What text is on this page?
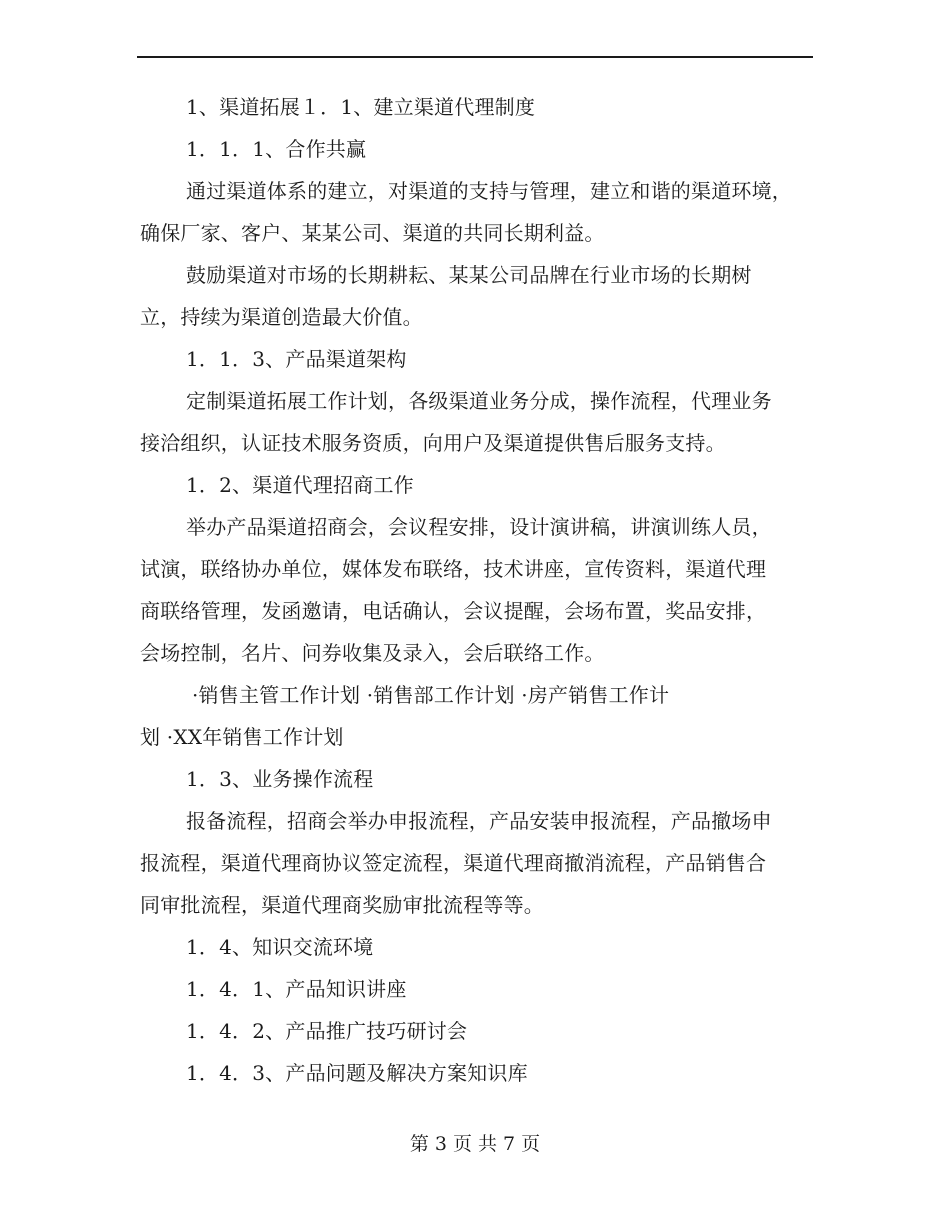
1、渠道拓展１．1、建立渠道代理制度
1．1．1、合作共赢
通过渠道体系的建立，对渠道的支持与管理，建立和谐的渠道环境，
确保厂家、客户、某某公司、渠道的共同长期利益。
鼓励渠道对市场的长期耕耘、某某公司品牌在行业市场的长期树
立，持续为渠道创造最大价值。
1．1．3、产品渠道架构
定制渠道拓展工作计划，各级渠道业务分成，操作流程，代理业务
接洽组织，认证技术服务资质，向用户及渠道提供售后服务支持。
1．2、渠道代理招商工作
举办产品渠道招商会，会议程安排，设计演讲稿，讲演训练人员，
试演，联络协办单位，媒体发布联络，技术讲座，宣传资料，渠道代理
商联络管理，发函邀请，电话确认，会议提醒，会场布置，奖品安排，
会场控制，名片、问券收集及录入，会后联络工作。
·销售主管工作计划 ·销售部工作计划 ·房产销售工作计
划 ·XX年销售工作计划
1．3、业务操作流程
报备流程，招商会举办申报流程，产品安装申报流程，产品撤场申
报流程，渠道代理商协议签定流程，渠道代理商撤消流程，产品销售合
同审批流程，渠道代理商奖励审批流程等等。
1．4、知识交流环境
1．4．1、产品知识讲座
1．4．2、产品推广技巧研讨会
1．4．3、产品问题及解决方案知识库
第 3 页 共 7 页
